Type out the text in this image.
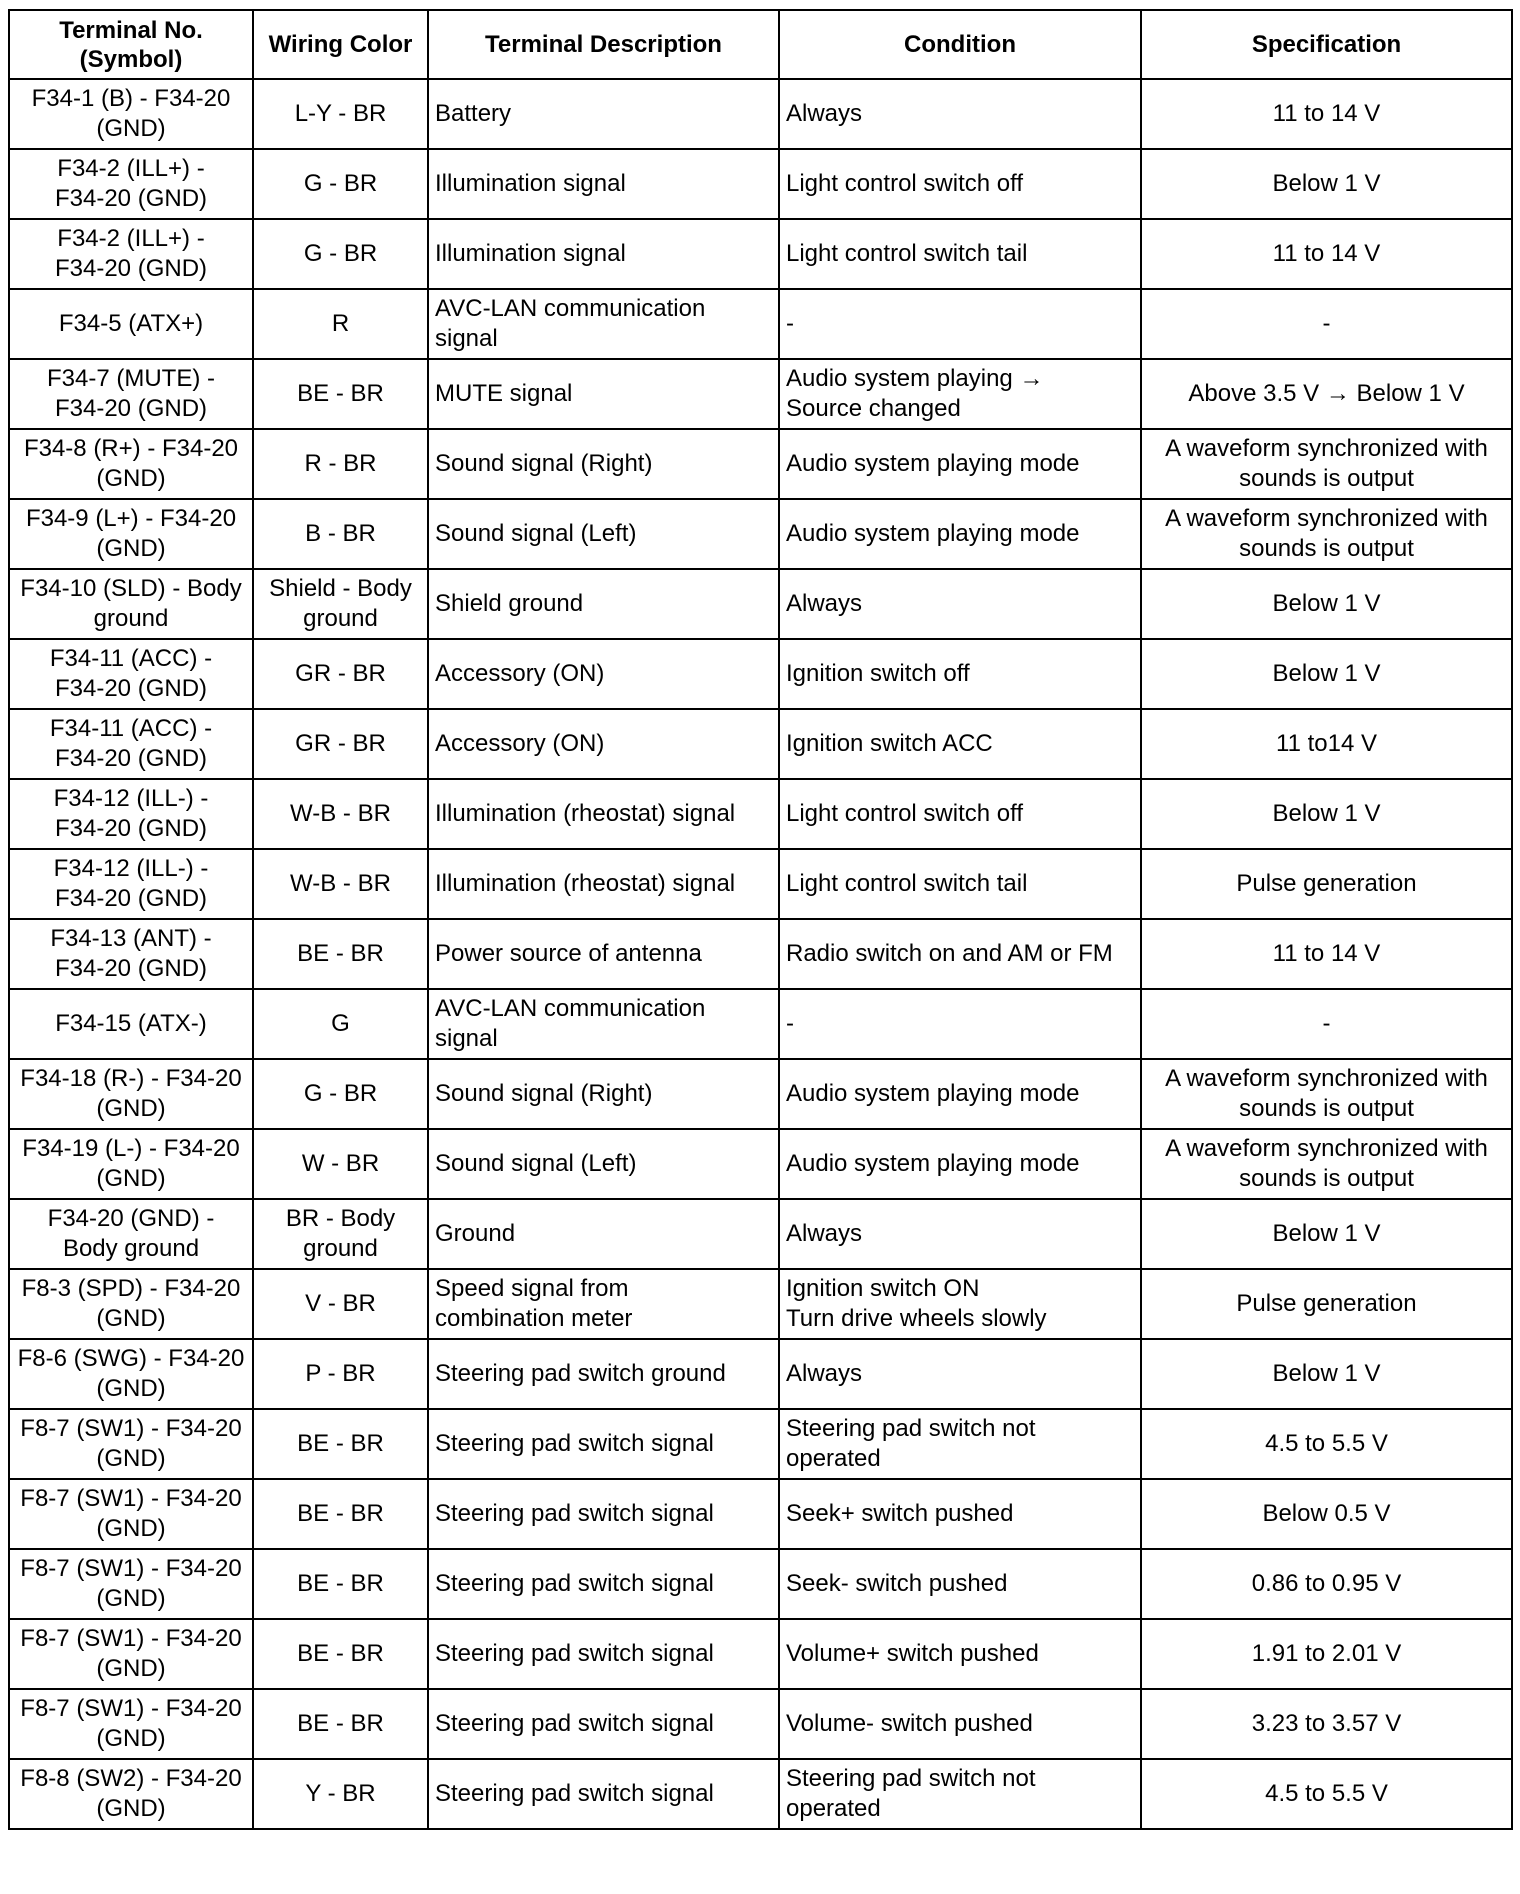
Terminal No.
(Symbol)	Wiring Color	Terminal Description	Condition	Specification
F34-1 (B) - F34-20
(GND)	L-Y - BR	Battery	Always	11 to 14 V
F34-2 (ILL+) -
F34-20 (GND)	G - BR	Illumination signal	Light control switch off	Below 1 V
F34-2 (ILL+) -
F34-20 (GND)	G - BR	Illumination signal	Light control switch tail	11 to 14 V
F34-5 (ATX+)	R	AVC-LAN communication
signal	-	-
F34-7 (MUTE) -
F34-20 (GND)	BE - BR	MUTE signal	Audio system playing →
Source changed	Above 3.5 V → Below 1 V
F34-8 (R+) - F34-20
(GND)	R - BR	Sound signal (Right)	Audio system playing mode	A waveform synchronized with
sounds is output
F34-9 (L+) - F34-20
(GND)	B - BR	Sound signal (Left)	Audio system playing mode	A waveform synchronized with
sounds is output
F34-10 (SLD) - Body
ground	Shield - Body
ground	Shield ground	Always	Below 1 V
F34-11 (ACC) -
F34-20 (GND)	GR - BR	Accessory (ON)	Ignition switch off	Below 1 V
F34-11 (ACC) -
F34-20 (GND)	GR - BR	Accessory (ON)	Ignition switch ACC	11 to14 V
F34-12 (ILL-) -
F34-20 (GND)	W-B - BR	Illumination (rheostat) signal	Light control switch off	Below 1 V
F34-12 (ILL-) -
F34-20 (GND)	W-B - BR	Illumination (rheostat) signal	Light control switch tail	Pulse generation
F34-13 (ANT) -
F34-20 (GND)	BE - BR	Power source of antenna	Radio switch on and AM or FM	11 to 14 V
F34-15 (ATX-)	G	AVC-LAN communication
signal	-	-
F34-18 (R-) - F34-20
(GND)	G - BR	Sound signal (Right)	Audio system playing mode	A waveform synchronized with
sounds is output
F34-19 (L-) - F34-20
(GND)	W - BR	Sound signal (Left)	Audio system playing mode	A waveform synchronized with
sounds is output
F34-20 (GND) -
Body ground	BR - Body
ground	Ground	Always	Below 1 V
F8-3 (SPD) - F34-20
(GND)	V - BR	Speed signal from
combination meter	Ignition switch ON
Turn drive wheels slowly	Pulse generation
F8-6 (SWG) - F34-20
(GND)	P - BR	Steering pad switch ground	Always	Below 1 V
F8-7 (SW1) - F34-20
(GND)	BE - BR	Steering pad switch signal	Steering pad switch not
operated	4.5 to 5.5 V
F8-7 (SW1) - F34-20
(GND)	BE - BR	Steering pad switch signal	Seek+ switch pushed	Below 0.5 V
F8-7 (SW1) - F34-20
(GND)	BE - BR	Steering pad switch signal	Seek- switch pushed	0.86 to 0.95 V
F8-7 (SW1) - F34-20
(GND)	BE - BR	Steering pad switch signal	Volume+ switch pushed	1.91 to 2.01 V
F8-7 (SW1) - F34-20
(GND)	BE - BR	Steering pad switch signal	Volume- switch pushed	3.23 to 3.57 V
F8-8 (SW2) - F34-20
(GND)	Y - BR	Steering pad switch signal	Steering pad switch not
operated	4.5 to 5.5 V
